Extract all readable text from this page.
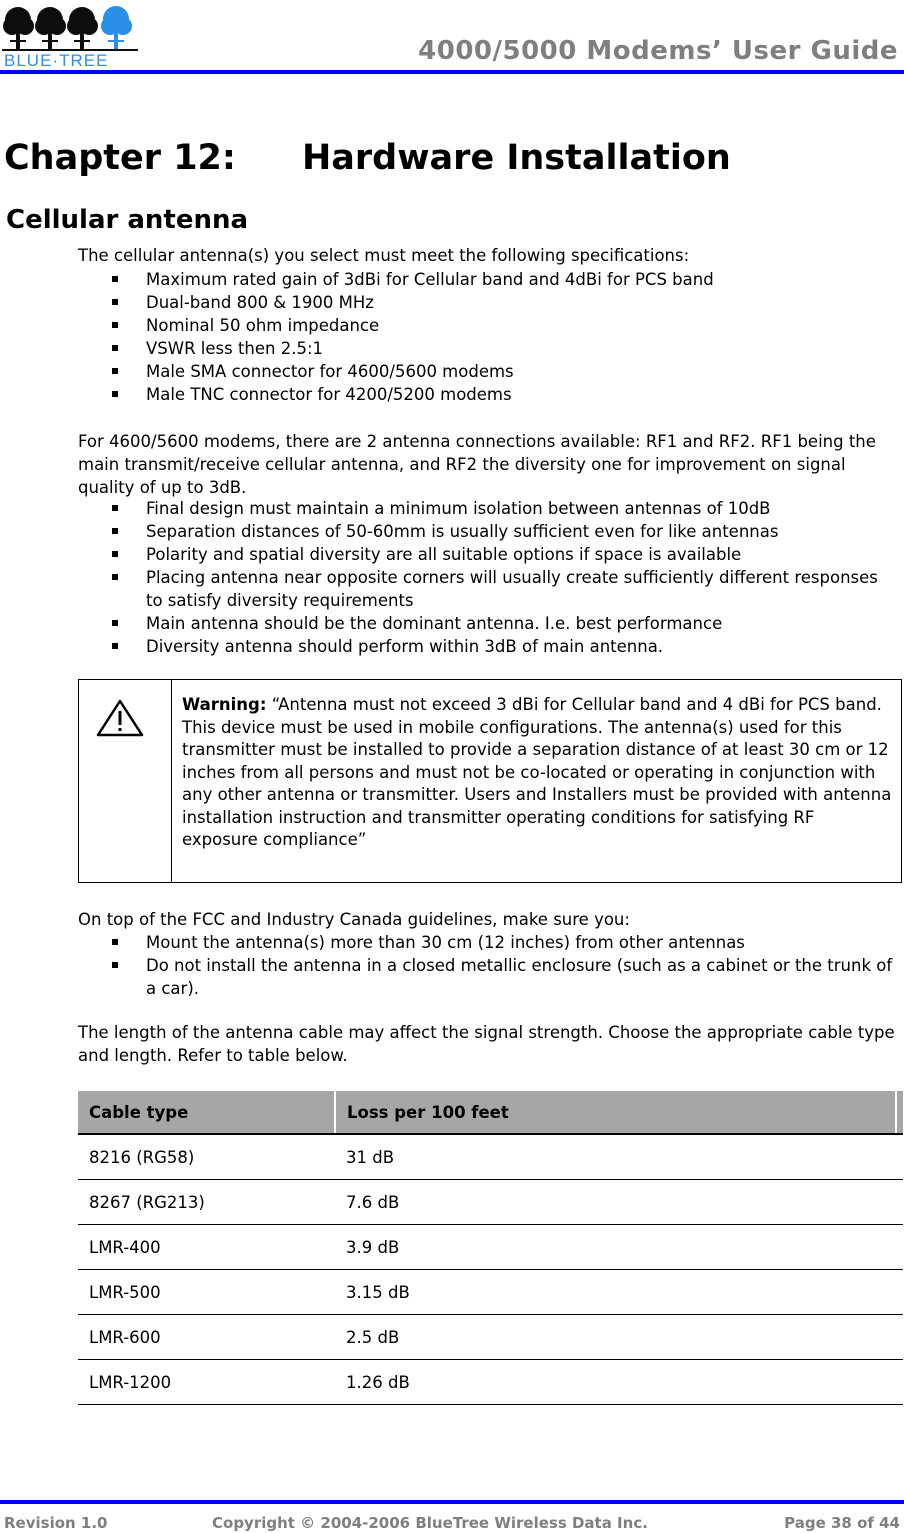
BLUE·TREE	4000/5000 Modems’ User Guide
Chapter 12: Hardware Installation
Cellular antenna
The cellular antenna(s) you select must meet the following specifications:
Maximum rated gain of 3dBi for Cellular band and 4dBi for PCS band
Dual-band 800 & 1900 MHz
Nominal 50 ohm impedance
VSWR less then 2.5:1
Male SMA connector for 4600/5600 modems
Male TNC connector for 4200/5200 modems
For 4600/5600 modems, there are 2 antenna connections available: RF1 and RF2. RF1 being the main transmit/receive cellular antenna, and RF2 the diversity one for improvement on signal quality of up to 3dB.
Final design must maintain a minimum isolation between antennas of 10dB
Separation distances of 50-60mm is usually sufficient even for like antennas
Polarity and spatial diversity are all suitable options if space is available
Placing antenna near opposite corners will usually create sufficiently different responses to satisfy diversity requirements
Main antenna should be the dominant antenna. I.e. best performance
Diversity antenna should perform within 3dB of main antenna.
Warning: “Antenna must not exceed 3 dBi for Cellular band and 4 dBi for PCS band. This device must be used in mobile configurations. The antenna(s) used for this transmitter must be installed to provide a separation distance of at least 30 cm or 12 inches from all persons and must not be co-located or operating in conjunction with any other antenna or transmitter. Users and Installers must be provided with antenna installation instruction and transmitter operating conditions for satisfying RF exposure compliance”
On top of the FCC and Industry Canada guidelines, make sure you:
Mount the antenna(s) more than 30 cm (12 inches) from other antennas
Do not install the antenna in a closed metallic enclosure (such as a cabinet or the trunk of a car).
The length of the antenna cable may affect the signal strength. Choose the appropriate cable type and length. Refer to table below.
Cable type	Loss per 100 feet	
8216 (RG58)	31 dB	
8267 (RG213)	7.6 dB	
LMR-400	3.9 dB	
LMR-500	3.15 dB	
LMR-600	2.5 dB	
LMR-1200	1.26 dB	
Revision 1.0	Copyright © 2004-2006 BlueTree Wireless Data Inc.	Page 38 of 44
